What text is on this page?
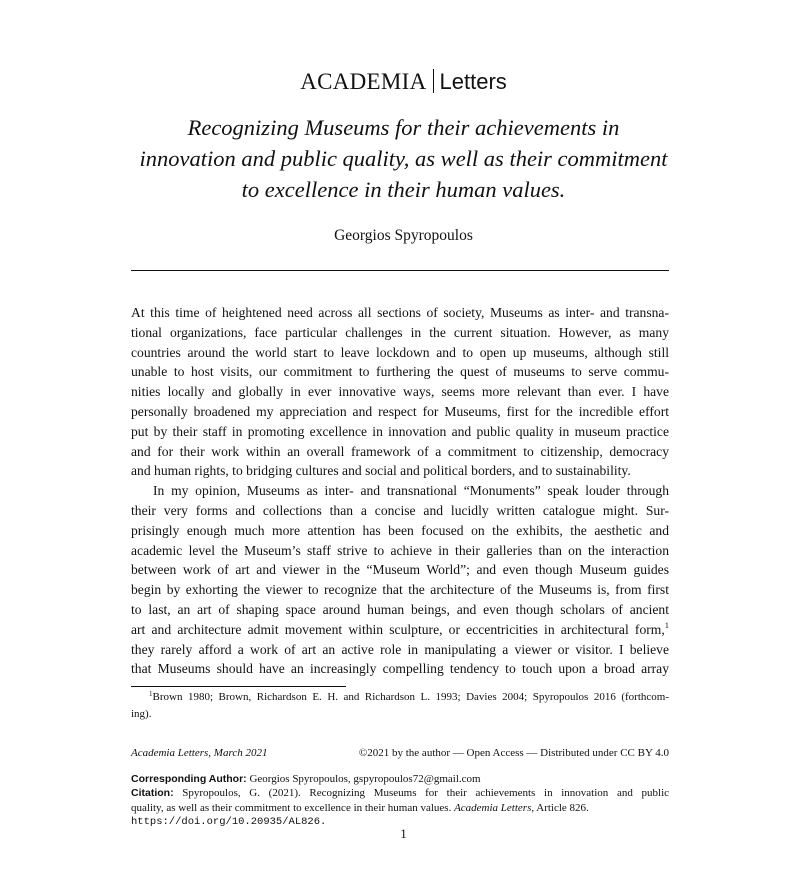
ACADEMIA Letters
Recognizing Museums for their achievements in
innovation and public quality, as well as their commitment
to excellence in their human values.
Georgios Spyropoulos
At this time of heightened need across all sections of society, Museums as inter- and transna-
tional organizations, face particular challenges in the current situation. However, as many
countries around the world start to leave lockdown and to open up museums, although still
unable to host visits, our commitment to furthering the quest of museums to serve commu-
nities locally and globally in ever innovative ways, seems more relevant than ever. I have
personally broadened my appreciation and respect for Museums, first for the incredible effort
put by their staff in promoting excellence in innovation and public quality in museum practice
and for their work within an overall framework of a commitment to citizenship, democracy
and human rights, to bridging cultures and social and political borders, and to sustainability.
In my opinion, Museums as inter- and transnational “Monuments” speak louder through
their very forms and collections than a concise and lucidly written catalogue might. Sur-
prisingly enough much more attention has been focused on the exhibits, the aesthetic and
academic level the Museum’s staff strive to achieve in their galleries than on the interaction
between work of art and viewer in the “Museum World”; and even though Museum guides
begin by exhorting the viewer to recognize that the architecture of the Museums is, from first
to last, an art of shaping space around human beings, and even though scholars of ancient
art and architecture admit movement within sculpture, or eccentricities in architectural form,$^1$
they rarely afford a work of art an active role in manipulating a viewer or visitor. I believe
that Museums should have an increasingly compelling tendency to touch upon a broad array
$^1$Brown 1980; Brown, Richardson E. H. and Richardson L. 1993; Davies 2004; Spyropoulos 2016 (forthcom-
ing).
Academia Letters, March 2021	©2021 by the author — Open Access — Distributed under CC BY 4.0
Corresponding Author: Georgios Spyropoulos, gspyropoulos72@gmail.com
Citation: Spyropoulos, G. (2021). Recognizing Museums for their achievements in innovation and public
quality, as well as their commitment to excellence in their human values. Academia Letters, Article 826.
https://doi.org/10.20935/AL826.
1
